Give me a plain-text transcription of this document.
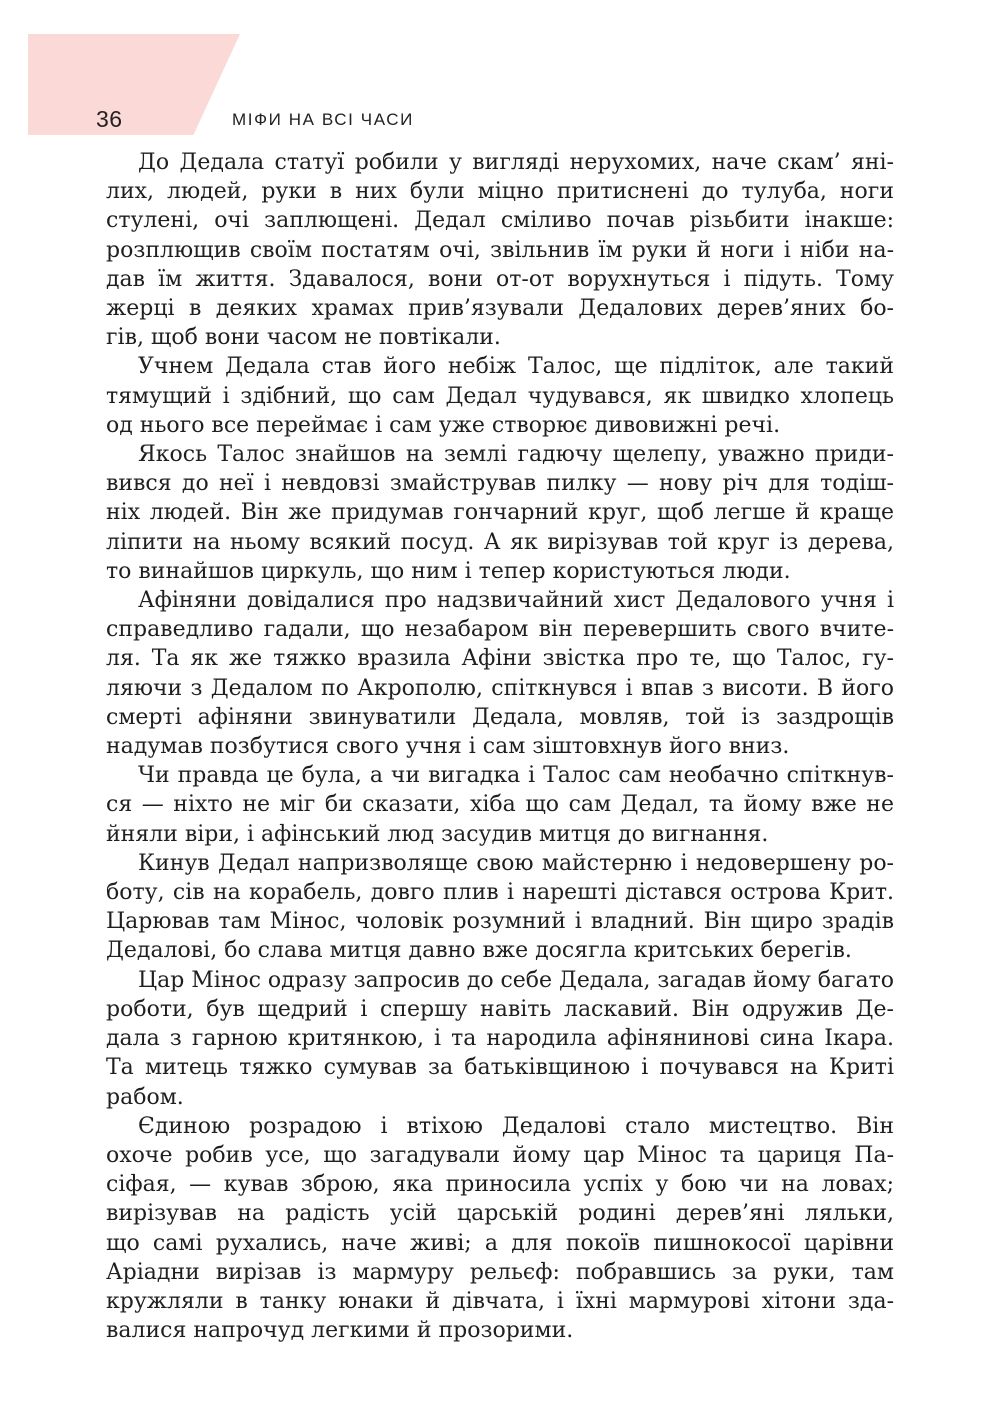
36	МІФИ НА ВСІ ЧАСИ

До Дедала статуї робили у вигляді нерухомих, наче скам’ янi-
лих, людей, руки в них були міцно притиснені до тулуба, ноги
стулені, очі заплющені. Дедал сміливо почав різьбити інакше:
розплющив своїм постатям очі, звільнив їм руки й ноги і ніби на-
дав їм життя. Здавалося, вони от-от ворухнуться і підуть. Тому
жерці в деяких храмах прив’язували Дедалових дерев’яних бо-
гів, щоб вони часом не повтікали.

Учнем Дедала став його небіж Талос, ще підліток, але такий
тямущий і здібний, що сам Дедал чудувався, як швидко хлопець
од нього все переймає і сам уже створює дивовижні речі.

Якось Талос знайшов на землі гадючу щелепу, уважно приди-
вився до неї і невдовзі змайстрував пилку — нову річ для тодіш-
ніх людей. Він же придумав гончарний круг, щоб легше й краще
ліпити на ньому всякий посуд. А як вирізував той круг із дерева,
то винайшов циркуль, що ним і тепер користуються люди.

Афіняни довідалися про надзвичайний хист Дедалового учня і
справедливо гадали, що незабаром він перевершить свого вчите-
ля. Та як же тяжко вразила Афіни звістка про те, що Талос, гу-
ляючи з Дедалом по Акрополю, спіткнувся і впав з висоти. В його
смерті афіняни звинуватили Дедала, мовляв, той із заздрощів
надумав позбутися свого учня і сам зіштовхнув його вниз.

Чи правда це була, а чи вигадка і Талос сам необачно спіткнув-
ся — ніхто не міг би сказати, хіба що сам Дедал, та йому вже не
йняли віри, і афінський люд засудив митця до вигнання.

Кинув Дедал напризволяще свою майстерню і недовершену ро-
боту, сів на корабель, довго плив і нарешті дістався острова Крит.
Царював там Мінос, чоловік розумний і владний. Він щиро зрадів
Дедалові, бо слава митця давно вже досягла критських берегів.

Цар Мінос одразу запросив до себе Дедала, загадав йому багато
роботи, був щедрий і спершу навіть ласкавий. Він одружив Де-
дала з гарною критянкою, і та народила афінянинові сина Ікара.
Та митець тяжко сумував за батьківщиною і почувався на Криті
рабом.

Єдиною розрадою і втіхою Дедалові стало мистецтво. Він
охоче робив усе, що загадували йому цар Мінос та цариця Па-
сіфая, — кував зброю, яка приносила успіх у бою чи на ловах;
вирізував на радість усій царській родині дерев’яні ляльки,
що самі рухались, наче живі; а для покоїв пишнокосої царівни
Аріадни вирізав із мармуру рельєф: побравшись за руки, там
кружляли в танку юнаки й дівчата, і їхні мармурові хітони зда-
валися напрочуд легкими й прозорими.
